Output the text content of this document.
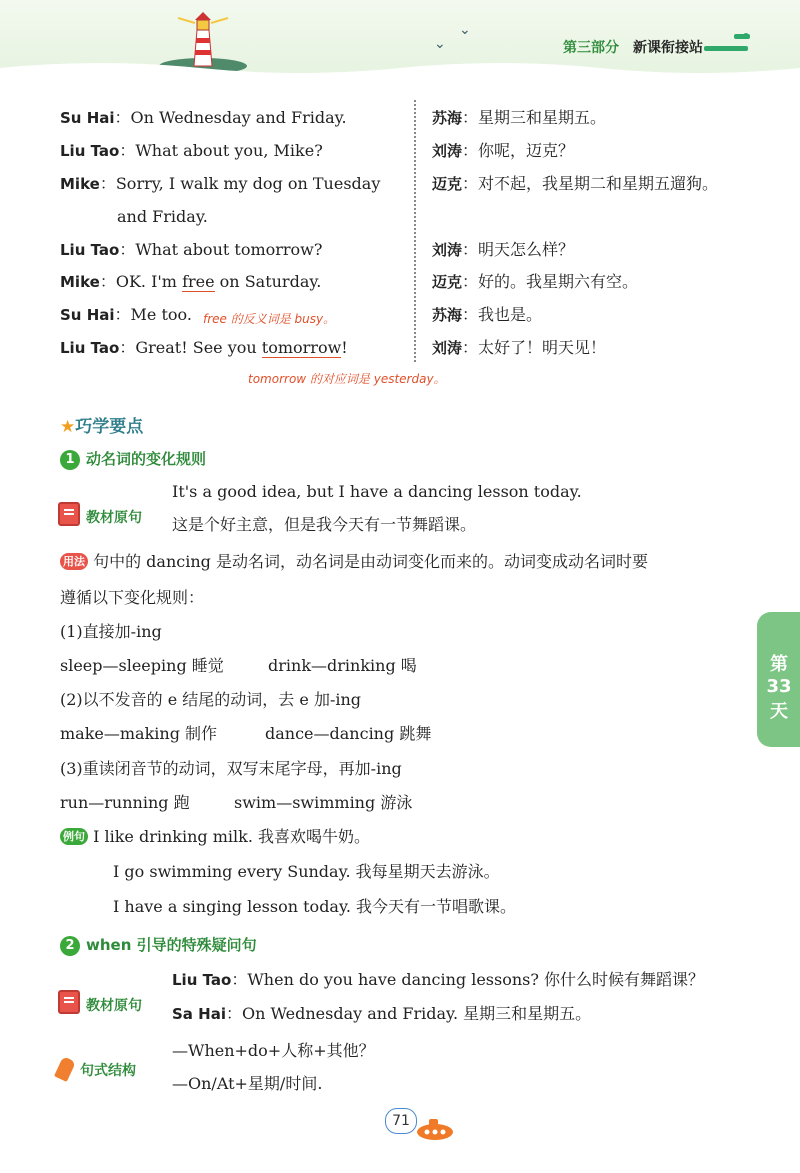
⌄
⌄
第三部分 新课衔接站
Su Hai：On Wednesday and Friday.
Liu Tao：What about you, Mike?
Mike：Sorry, I walk my dog on Tuesday
and Friday.
Liu Tao：What about tomorrow?
Mike：OK. I'm free on Saturday.
Su Hai：Me too.
Liu Tao：Great! See you tomorrow!
free 的反义词是 busy。
tomorrow 的对应词是 yesterday。
苏海：星期三和星期五。
刘涛：你呢，迈克？
迈克：对不起，我星期二和星期五遛狗。
刘涛：明天怎么样？
迈克：好的。我星期六有空。
苏海：我也是。
刘涛：太好了！明天见！
★巧学要点
1 动名词的变化规则
教材原句
It's a good idea, but I have a dancing lesson today.
这是个好主意，但是我今天有一节舞蹈课。
用法 句中的 dancing 是动名词，动名词是由动词变化而来的。动词变成动名词时要
遵循以下变化规则：
(1)直接加-ing
sleep—sleeping 睡觉	drink—drinking 喝
(2)以不发音的 e 结尾的动词，去 e 加-ing
make—making 制作	dance—dancing 跳舞
(3)重读闭音节的动词，双写末尾字母，再加-ing
run—running 跑	swim—swimming 游泳
例句 I like drinking milk. 我喜欢喝牛奶。
I go swimming every Sunday. 我每星期天去游泳。
I have a singing lesson today. 我今天有一节唱歌课。
2 when 引导的特殊疑问句
教材原句
Liu Tao：When do you have dancing lessons? 你什么时候有舞蹈课？
Sa Hai：On Wednesday and Friday. 星期三和星期五。
句式结构
—When+do+人称+其他？
—On/At+星期/时间.
第
33
天
71
